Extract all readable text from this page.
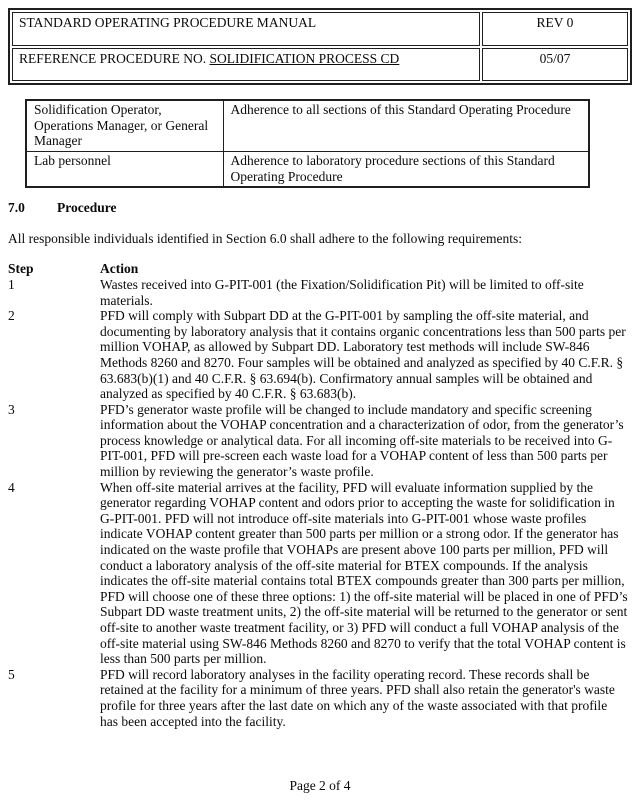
STANDARD OPERATING PROCEDURE MANUAL	REV 0
REFERENCE PROCEDURE NO. SOLIDIFICATION PROCESS CD	05/07
Solidification Operator, Operations Manager, or General Manager	Adherence to all sections of this Standard Operating Procedure
Lab personnel	Adherence to laboratory procedure sections of this Standard Operating Procedure
7.0 Procedure

All responsible individuals identified in Section 6.0 shall adhere to the following requirements:

Step	Action
1	Wastes received into G-PIT-001 (the Fixation/Solidification Pit) will be limited to off-site materials.
2	PFD will comply with Subpart DD at the G-PIT-001 by sampling the off-site material, and documenting by laboratory analysis that it contains organic concentrations less than 500 parts per million VOHAP, as allowed by Subpart DD. Laboratory test methods will include SW-846 Methods 8260 and 8270. Four samples will be obtained and analyzed as specified by 40 C.F.R. § 63.683(b)(1) and 40 C.F.R. § 63.694(b). Confirmatory annual samples will be obtained and analyzed as specified by 40 C.F.R. § 63.683(b).
3	PFD’s generator waste profile will be changed to include mandatory and specific screening information about the VOHAP concentration and a characterization of odor, from the generator’s process knowledge or analytical data. For all incoming off-site materials to be received into G-PIT-001, PFD will pre-screen each waste load for a VOHAP content of less than 500 parts per million by reviewing the generator’s waste profile.
4	When off-site material arrives at the facility, PFD will evaluate information supplied by the generator regarding VOHAP content and odors prior to accepting the waste for solidification in G-PIT-001. PFD will not introduce off-site materials into G-PIT-001 whose waste profiles indicate VOHAP content greater than 500 parts per million or a strong odor. If the generator has indicated on the waste profile that VOHAPs are present above 100 parts per million, PFD will conduct a laboratory analysis of the off-site material for BTEX compounds. If the analysis indicates the off-site material contains total BTEX compounds greater than 300 parts per million, PFD will choose one of these three options: 1) the off-site material will be placed in one of PFD’s Subpart DD waste treatment units, 2) the off-site material will be returned to the generator or sent off-site to another waste treatment facility, or 3) PFD will conduct a full VOHAP analysis of the off-site material using SW-846 Methods 8260 and 8270 to verify that the total VOHAP content is less than 500 parts per million.
5	PFD will record laboratory analyses in the facility operating record. These records shall be retained at the facility for a minimum of three years. PFD shall also retain the generator's waste profile for three years after the last date on which any of the waste associated with that profile has been accepted into the facility.
Page 2 of 4
